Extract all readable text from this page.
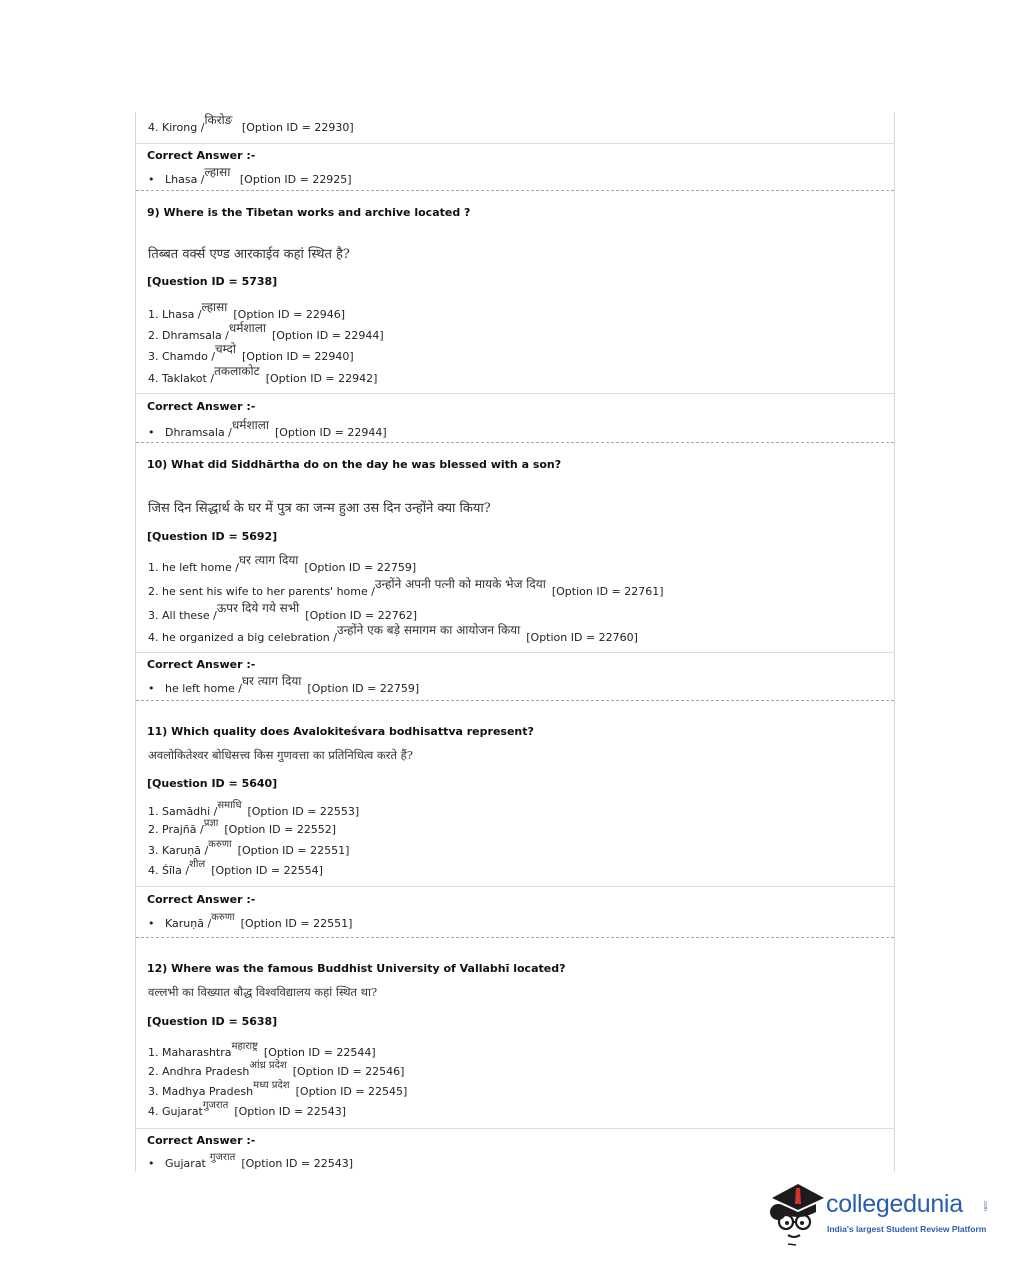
4. Kirong /किरोङ [Option ID = 22930]
Correct Answer :-
• Lhasa /ल्हासा [Option ID = 22925]
9) Where is the Tibetan works and archive located ?
तिब्बत वर्क्स एण्ड आरकाईव कहां स्थित है?
[Question ID = 5738]
1. Lhasa /ल्हासा[Option ID = 22946]
2. Dhramsala /धर्मशाला[Option ID = 22944]
3. Chamdo /चम्दो[Option ID = 22940]
4. Taklakot /तकलाकोट[Option ID = 22942]
Correct Answer :-
• Dhramsala /धर्मशाला[Option ID = 22944]
10) What did Siddhārtha do on the day he was blessed with a son?
जिस दिन सिद्धार्थ के घर में पुत्र का जन्म हुआ उस दिन उन्होंने क्या किया?
[Question ID = 5692]
1. he left home /घर त्याग दिया[Option ID = 22759]
2. he sent his wife to her parents' home /उन्होंने अपनी पत्नी को मायके भेज दिया[Option ID = 22761]
3. All these /ऊपर दिये गये सभी[Option ID = 22762]
4. he organized a big celebration /उन्होंने एक बड़े समागम का आयोजन किया[Option ID = 22760]
Correct Answer :-
• he left home /घर त्याग दिया[Option ID = 22759]
11) Which quality does Avalokiteśvara bodhisattva represent?
अवलोकितेश्वर बोधिसत्त्व किस गुणवत्ता का प्रतिनिधित्व करते हैं?
[Question ID = 5640]
1. Samādhi /समाधि [Option ID = 22553]
2. Prajñā /प्रज्ञा [Option ID = 22552]
3. Karuṇā /करुणा [Option ID = 22551]
4. Śīla /शील [Option ID = 22554]
Correct Answer :-
• Karuṇā /करुणा [Option ID = 22551]
12) Where was the famous Buddhist University of Vallabhī located?
वल्लभी का विख्यात बौद्ध विश्वविद्यालय कहां स्थित था?
[Question ID = 5638]
1. Maharashtraमहाराष्ट्र [Option ID = 22544]
2. Andhra Pradeshआंध्र प्रदेश [Option ID = 22546]
3. Madhya Pradeshमध्य प्रदेश [Option ID = 22545]
4. Gujaratगुजरात [Option ID = 22543]
Correct Answer :-
• Gujarat गुजरात [Option ID = 22543]
collegedunia	.com
India's largest Student Review Platform
